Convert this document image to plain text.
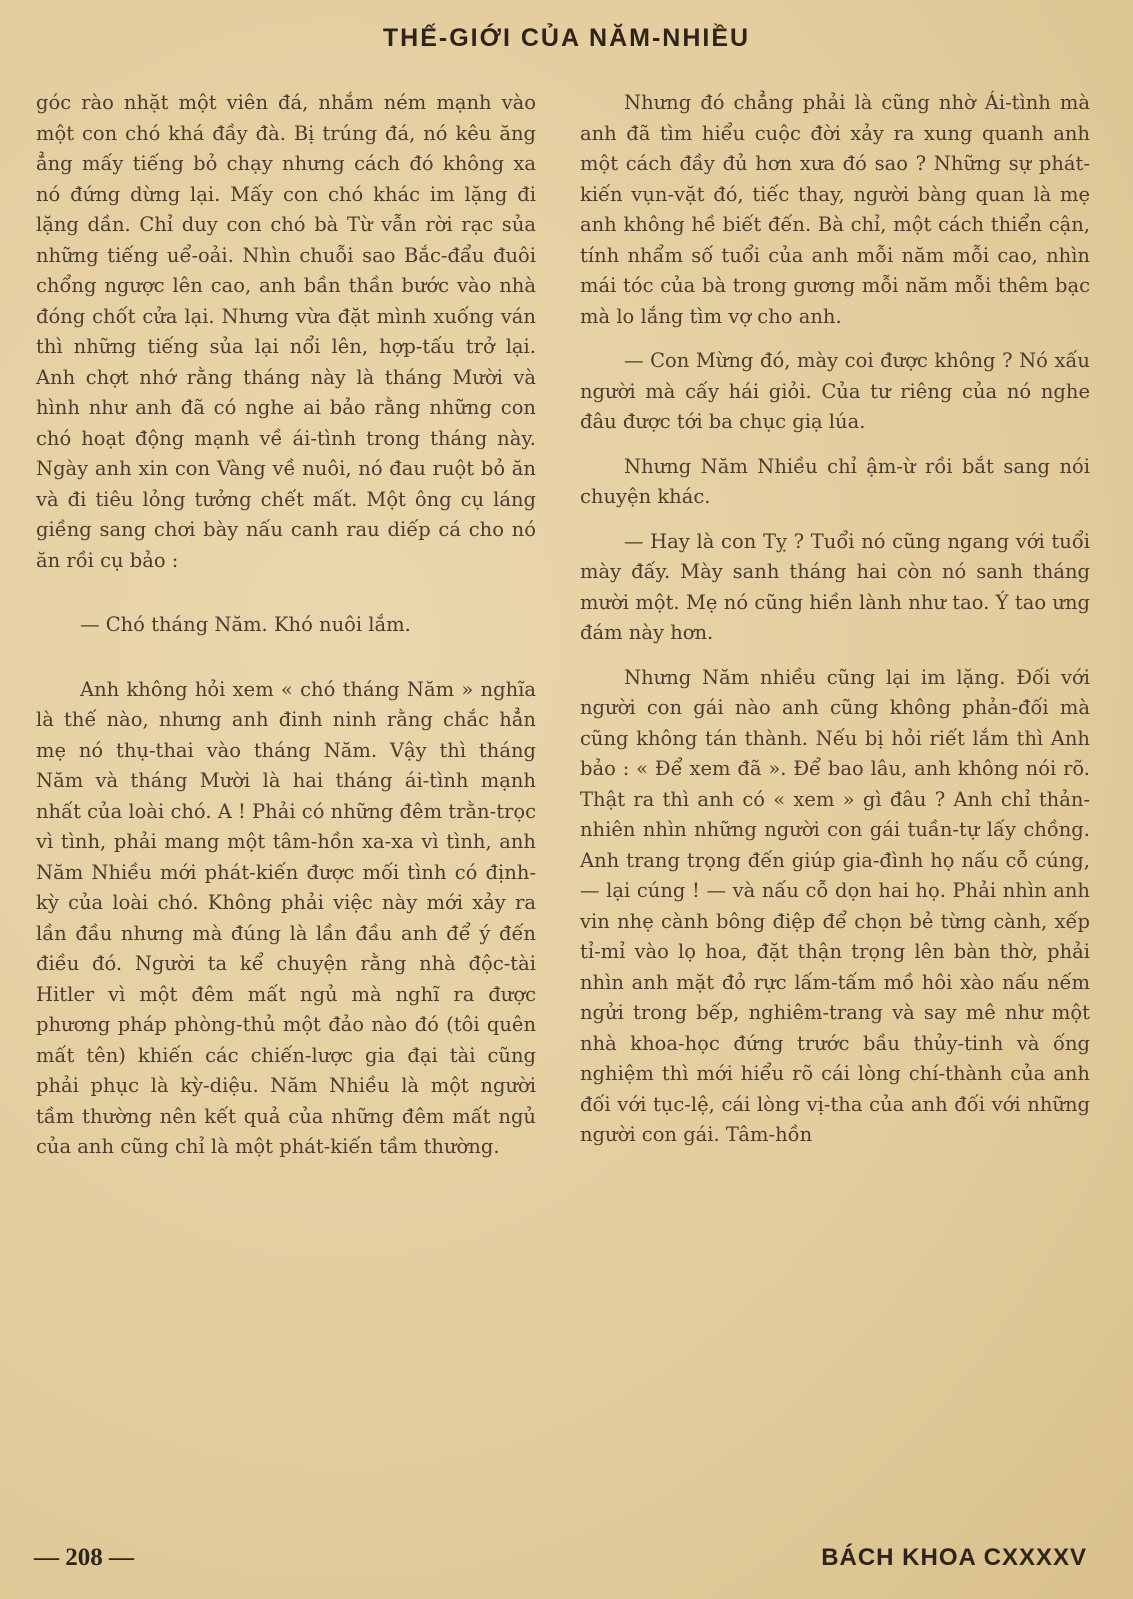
THẾ-GIỚI CỦA NĂM-NHIỀU

góc rào nhặt một viên đá, nhắm ném mạnh vào một con chó khá đầy đà. Bị trúng đá, nó kêu ăng ẳng mấy tiếng bỏ chạy nhưng cách đó không xa nó đứng dừng lại. Mấy con chó khác im lặng đi lặng dần. Chỉ duy con chó bà Từ vẫn rời rạc sủa những tiếng uể-oải. Nhìn chuỗi sao Bắc-đẩu đuôi chổng ngược lên cao, anh bần thần bước vào nhà đóng chốt cửa lại. Nhưng vừa đặt mình xuống ván thì những tiếng sủa lại nổi lên, hợp-tấu trở lại. Anh chợt nhớ rằng tháng này là tháng Mười và hình như anh đã có nghe ai bảo rằng những con chó hoạt động mạnh về ái-tình trong tháng này. Ngày anh xin con Vàng về nuôi, nó đau ruột bỏ ăn và đi tiêu lỏng tưởng chết mất. Một ông cụ láng giềng sang chơi bày nấu canh rau diếp cá cho nó ăn rồi cụ bảo :

— Chó tháng Năm. Khó nuôi lắm.

Anh không hỏi xem « chó tháng Năm » nghĩa là thế nào, nhưng anh đinh ninh rằng chắc hẳn mẹ nó thụ-thai vào tháng Năm. Vậy thì tháng Năm và tháng Mười là hai tháng ái-tình mạnh nhất của loài chó. A ! Phải có những đêm trằn-trọc vì tình, phải mang một tâm-hồn xa-xa vì tình, anh Năm Nhiều mới phát-kiến được mối tình có định-kỳ của loài chó. Không phải việc này mới xảy ra lần đầu nhưng mà đúng là lần đầu anh để ý đến điều đó. Người ta kể chuyện rằng nhà độc-tài Hitler vì một đêm mất ngủ mà nghĩ ra được phương pháp phòng-thủ một đảo nào đó (tôi quên mất tên) khiến các chiến-lược gia đại tài cũng phải phục là kỳ-diệu. Năm Nhiều là một người tầm thường nên kết quả của những đêm mất ngủ của anh cũng chỉ là một phát-kiến tầm thường.

Nhưng đó chẳng phải là cũng nhờ Ái-tình mà anh đã tìm hiểu cuộc đời xảy ra xung quanh anh một cách đầy đủ hơn xưa đó sao ? Những sự phát-kiến vụn-vặt đó, tiếc thay, người bàng quan là mẹ anh không hề biết đến. Bà chỉ, một cách thiển cận, tính nhẩm số tuổi của anh mỗi năm mỗi cao, nhìn mái tóc của bà trong gương mỗi năm mỗi thêm bạc mà lo lắng tìm vợ cho anh.

— Con Mừng đó, mày coi được không ? Nó xấu người mà cấy hái giỏi. Của tư riêng của nó nghe đâu được tới ba chục giạ lúa.

Nhưng Năm Nhiều chỉ ậm-ừ rồi bắt sang nói chuyện khác.

— Hay là con Tỵ ? Tuổi nó cũng ngang với tuổi mày đấy. Mày sanh tháng hai còn nó sanh tháng mười một. Mẹ nó cũng hiền lành như tao. Ý tao ưng đám này hơn.

Nhưng Năm nhiều cũng lại im lặng. Đối với người con gái nào anh cũng không phản-đối mà cũng không tán thành. Nếu bị hỏi riết lắm thì Anh bảo : « Để xem đã ». Để bao lâu, anh không nói rõ. Thật ra thì anh có « xem » gì đâu ? Anh chỉ thản-nhiên nhìn những người con gái tuần-tự lấy chồng. Anh trang trọng đến giúp gia-đình họ nấu cỗ cúng, — lại cúng ! — và nấu cỗ dọn hai họ. Phải nhìn anh vin nhẹ cành bông điệp để chọn bẻ từng cành, xếp tỉ-mỉ vào lọ hoa, đặt thận trọng lên bàn thờ, phải nhìn anh mặt đỏ rực lấm-tấm mồ hôi xào nấu nếm ngửi trong bếp, nghiêm-trang và say mê như một nhà khoa-học đứng trước bầu thủy-tinh và ống nghiệm thì mới hiểu rõ cái lòng chí-thành của anh đối với tục-lệ, cái lòng vị-tha của anh đối với những người con gái. Tâm-hồn

— 208 —	BÁCH KHOA CXXXXV
